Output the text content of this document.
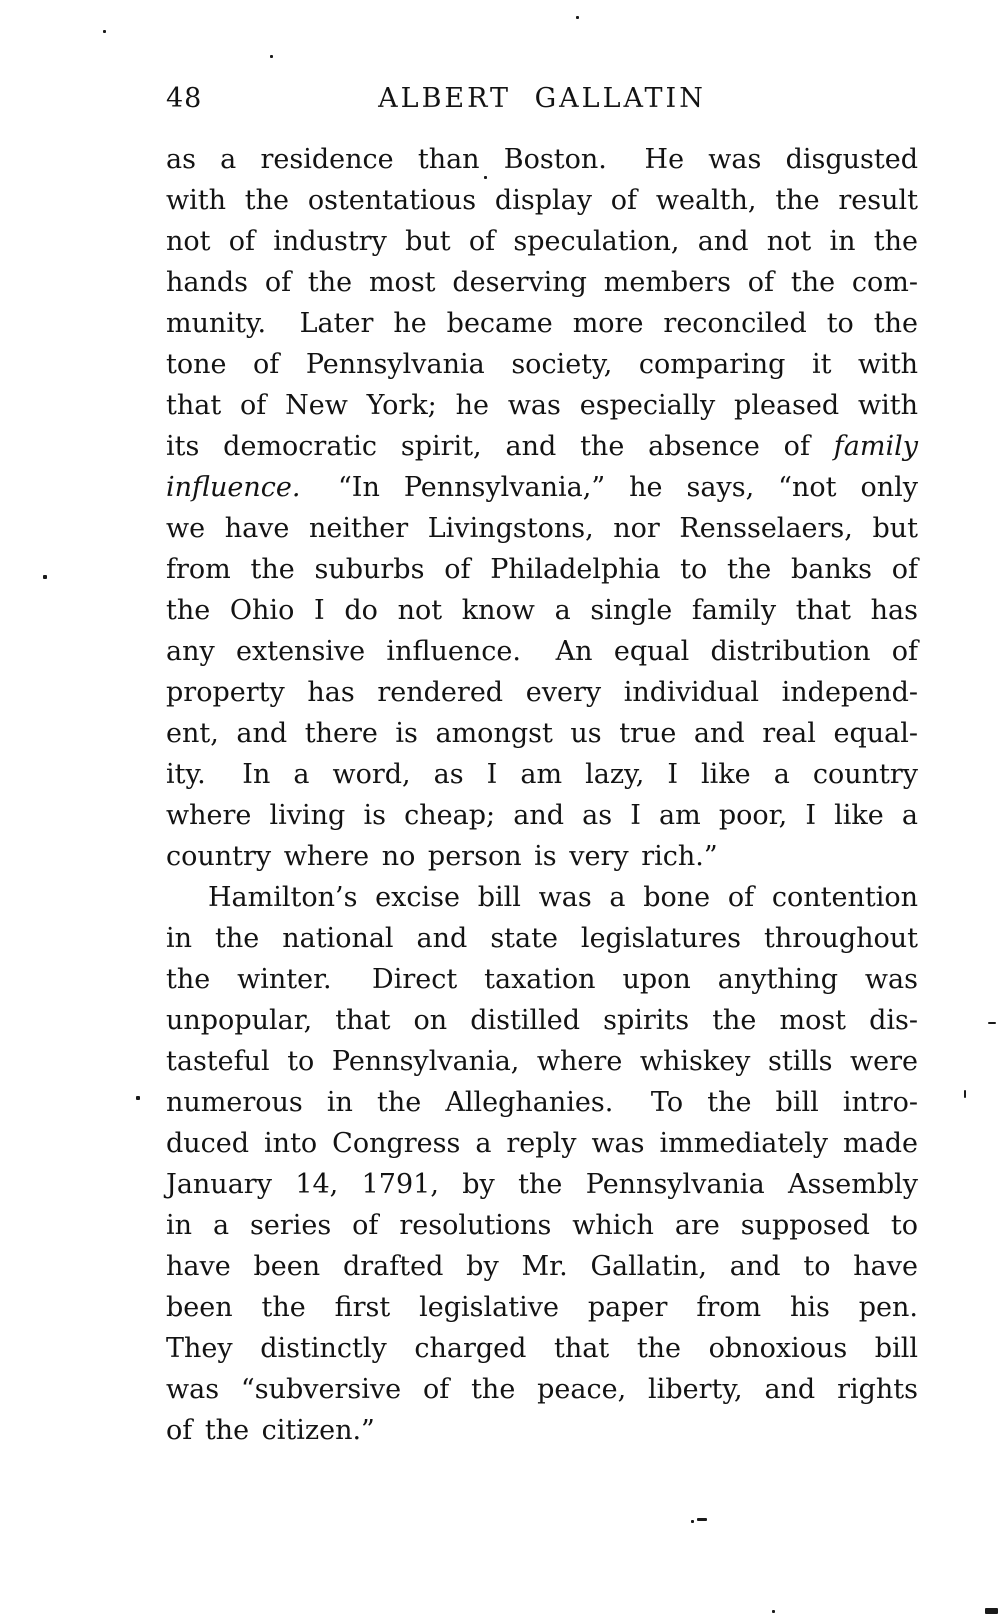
48	ALBERT GALLATIN
as a residence than Boston.  He was disgusted
with the ostentatious display of wealth, the result
not of industry but of speculation, and not in the
hands of the most deserving members of the com-
munity.  Later he became more reconciled to the
tone of Pennsylvania society, comparing it with
that of New York; he was especially pleased with
its democratic spirit, and the absence of family
influence.  “In Pennsylvania,” he says, “not only
we have neither Livingstons, nor Rensselaers, but
from the suburbs of Philadelphia to the banks of
the Ohio I do not know a single family that has
any extensive influence.  An equal distribution of
property has rendered every individual independ-
ent, and there is amongst us true and real equal-
ity.  In a word, as I am lazy, I like a country
where living is cheap; and as I am poor, I like a
country where no person is very rich.”
Hamilton’s excise bill was a bone of contention
in the national and state legislatures throughout
the winter.  Direct taxation upon anything was
unpopular, that on distilled spirits the most dis-
tasteful to Pennsylvania, where whiskey stills were
numerous in the Alleghanies.  To the bill intro-
duced into Congress a reply was immediately made
January 14, 1791, by the Pennsylvania Assembly
in a series of resolutions which are supposed to
have been drafted by Mr. Gallatin, and to have
been the first legislative paper from his pen.
They distinctly charged that the obnoxious bill
was “subversive of the peace, liberty, and rights
of the citizen.”
